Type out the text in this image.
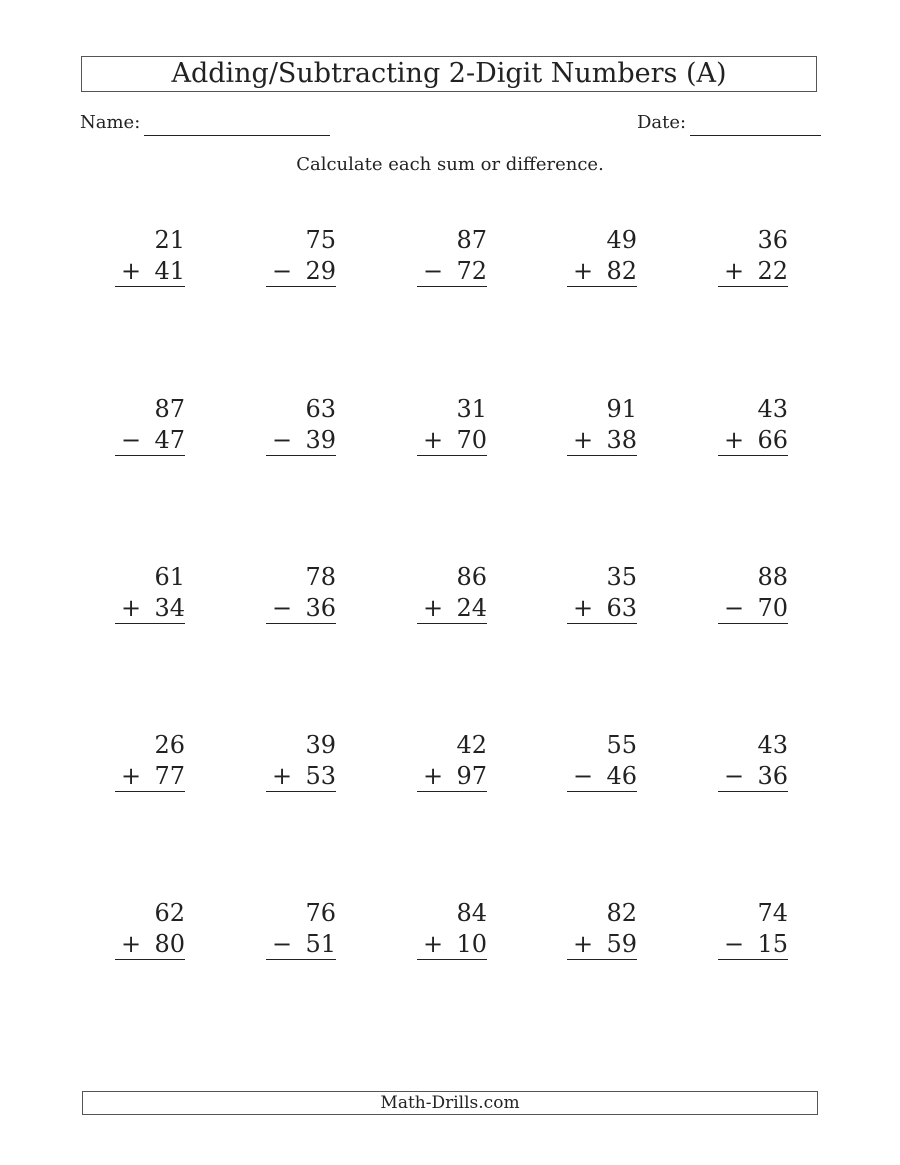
Adding/Subtracting 2-Digit Numbers (A)
Name:	Date:
Calculate each sum or difference.
21
+ 41
75
− 29
87
− 72
49
+ 82
36
+ 22
87
− 47
63
− 39
31
+ 70
91
+ 38
43
+ 66
61
+ 34
78
− 36
86
+ 24
35
+ 63
88
− 70
26
+ 77
39
+ 53
42
+ 97
55
− 46
43
− 36
62
+ 80
76
− 51
84
+ 10
82
+ 59
74
− 15
Math-Drills.com
